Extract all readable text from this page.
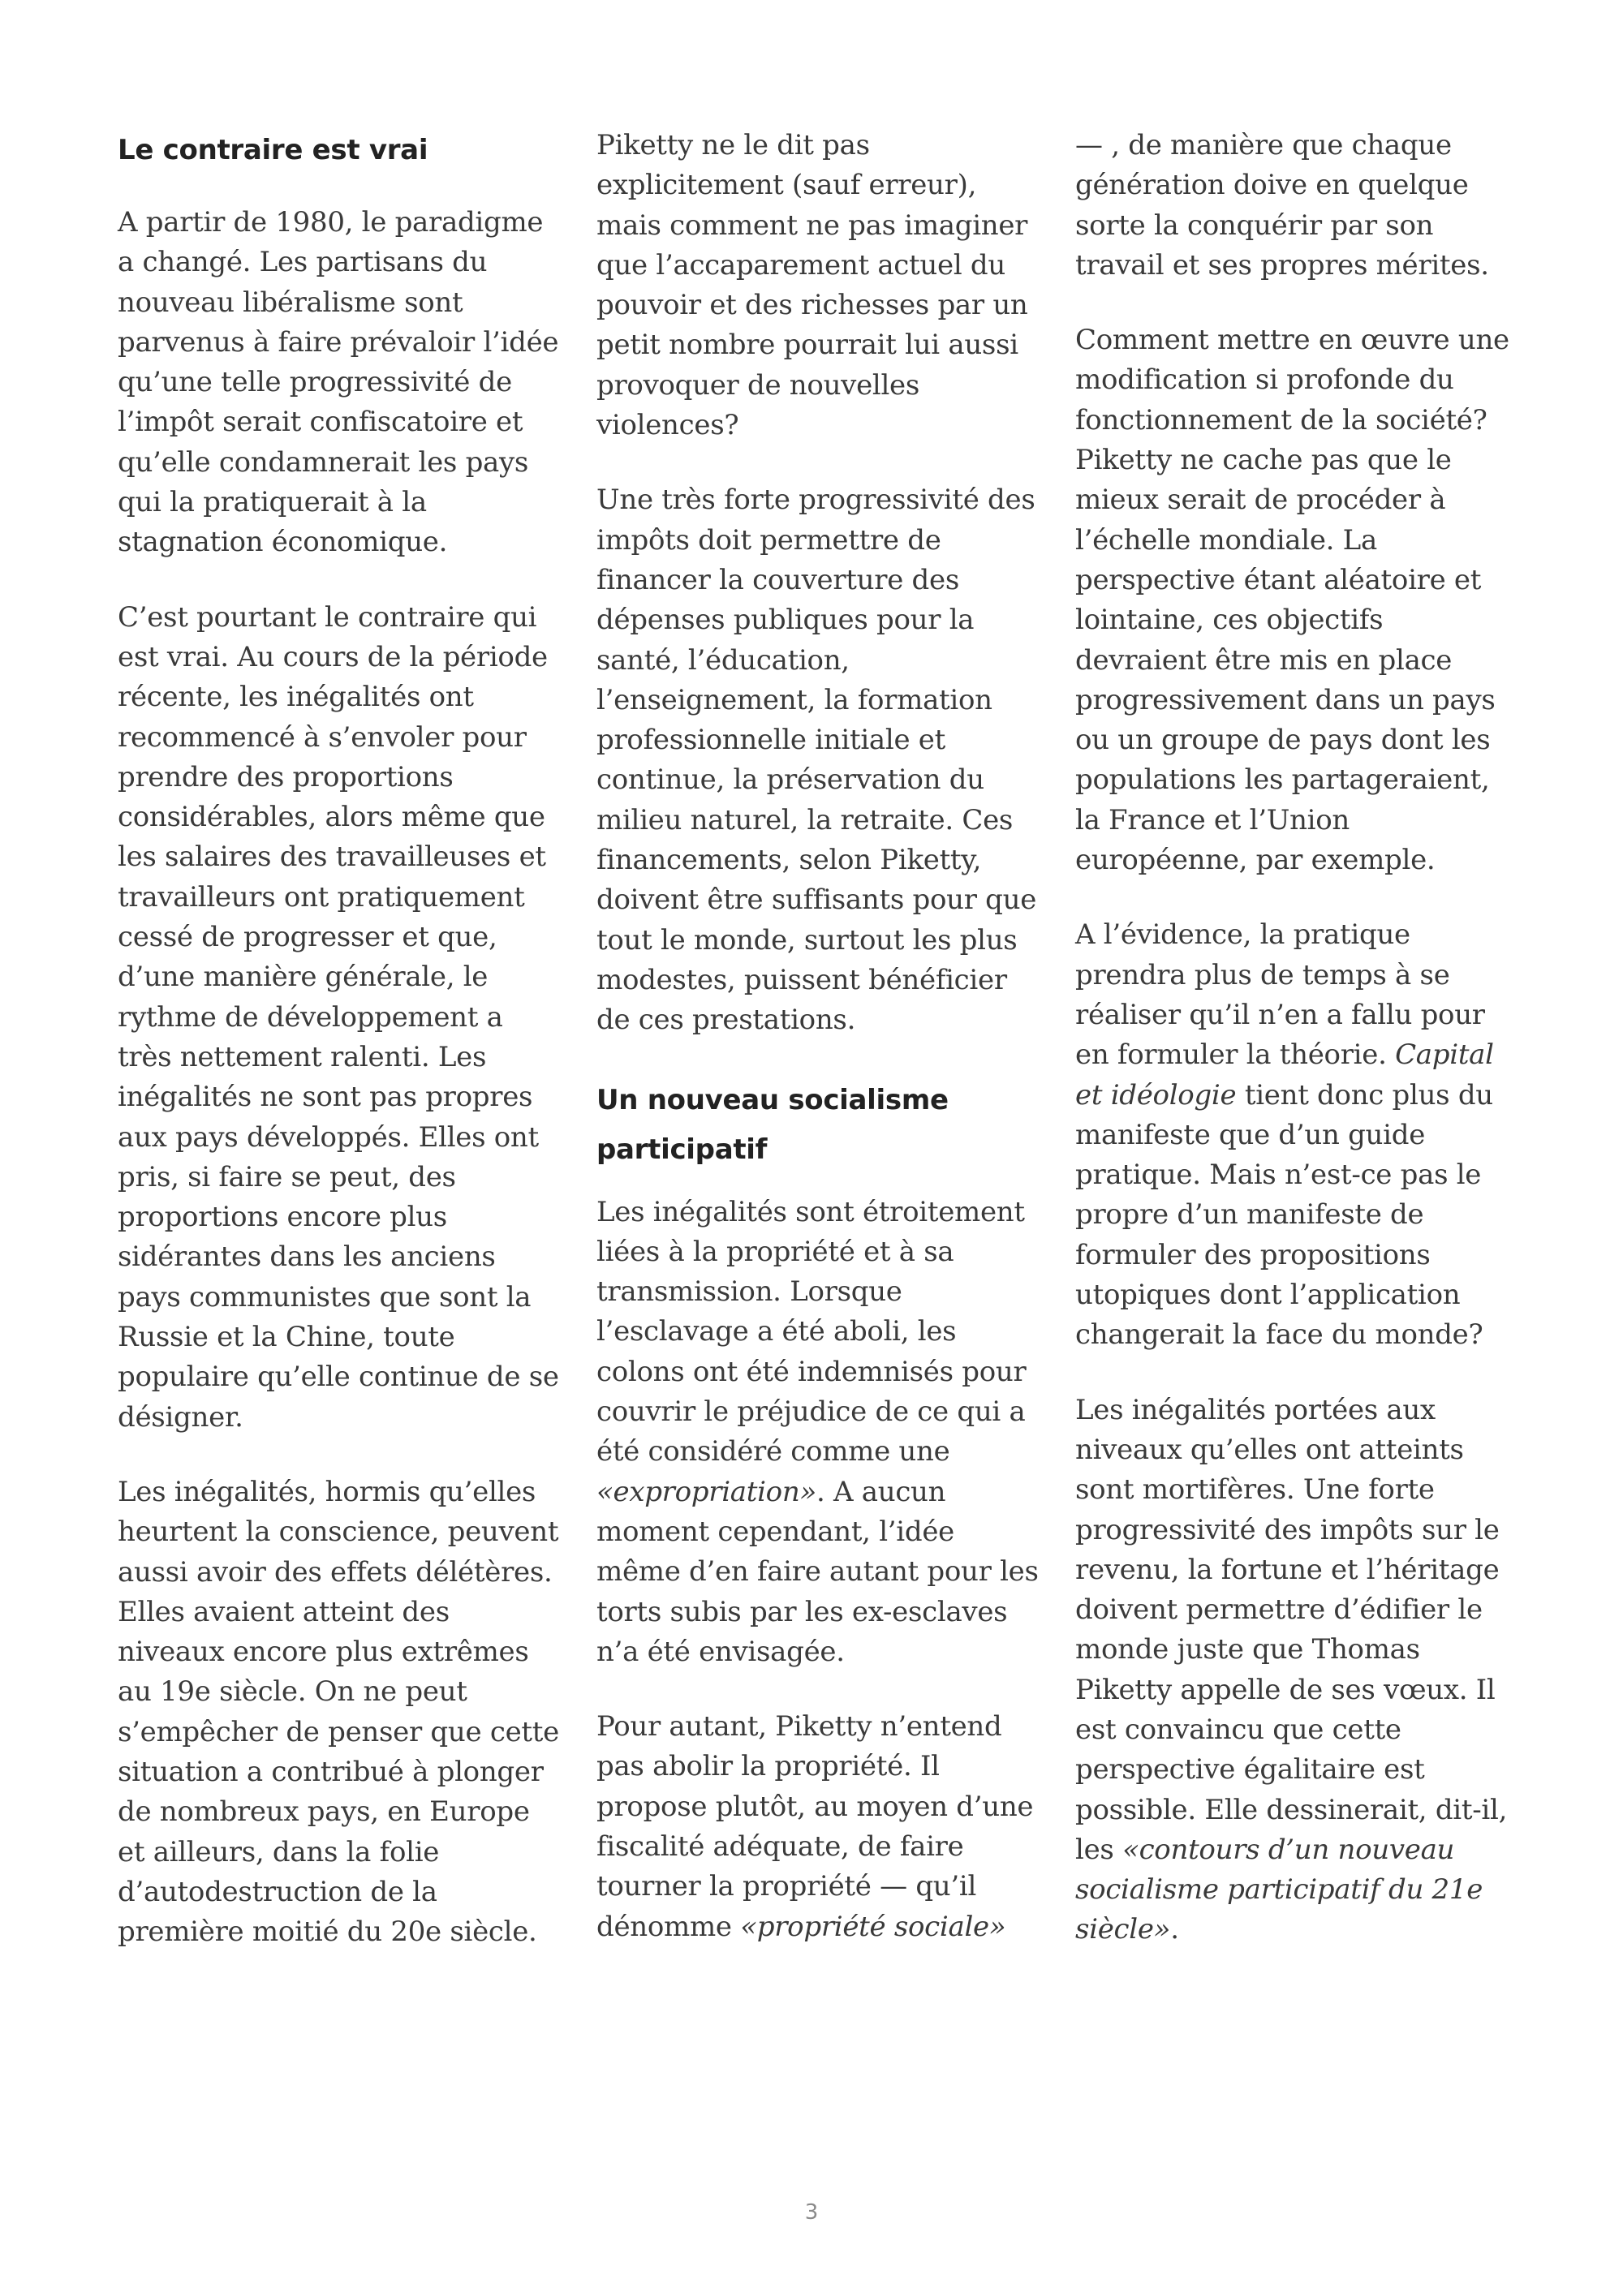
Le contraire est vrai

A partir de 1980, le paradigme a changé. Les partisans du nouveau libéralisme sont parvenus à faire prévaloir l’idée qu’une telle progressivité de l’impôt serait confiscatoire et qu’elle condamnerait les pays qui la pratiquerait à la stagnation économique.

C’est pourtant le contraire qui est vrai. Au cours de la période récente, les inégalités ont recommencé à s’envoler pour prendre des proportions considérables, alors même que les salaires des travailleuses et travailleurs ont pratiquement cessé de progresser et que, d’une manière générale, le rythme de développement a très nettement ralenti. Les inégalités ne sont pas propres aux pays développés. Elles ont pris, si faire se peut, des proportions encore plus sidérantes dans les anciens pays communistes que sont la Russie et la Chine, toute populaire qu’elle continue de se désigner.

Les inégalités, hormis qu’elles heurtent la conscience, peuvent aussi avoir des effets délétères. Elles avaient atteint des niveaux encore plus extrêmes au 19e siècle. On ne peut s’empêcher de penser que cette situation a contribué à plonger de nombreux pays, en Europe et ailleurs, dans la folie d’autodestruction de la première moitié du 20e siècle.

Piketty ne le dit pas explicitement (sauf erreur), mais comment ne pas imaginer que l’accaparement actuel du pouvoir et des richesses par un petit nombre pourrait lui aussi provoquer de nouvelles violences?

Une très forte progressivité des impôts doit permettre de financer la couverture des dépenses publiques pour la santé, l’éducation, l’enseignement, la formation professionnelle initiale et continue, la préservation du milieu naturel, la retraite. Ces financements, selon Piketty, doivent être suffisants pour que tout le monde, surtout les plus modestes, puissent bénéficier de ces prestations.

Un nouveau socialisme participatif

Les inégalités sont étroitement liées à la propriété et à sa transmission. Lorsque l’esclavage a été aboli, les colons ont été indemnisés pour couvrir le préjudice de ce qui a été considéré comme une «expropriation». A aucun moment cependant, l’idée même d’en faire autant pour les torts subis par les ex-esclaves n’a été envisagée.

Pour autant, Piketty n’entend pas abolir la propriété. Il propose plutôt, au moyen d’une fiscalité adéquate, de faire tourner la propriété — qu’il dénomme «propriété sociale»

— , de manière que chaque génération doive en quelque sorte la conquérir par son travail et ses propres mérites.

Comment mettre en œuvre une modification si profonde du fonctionnement de la société? Piketty ne cache pas que le mieux serait de procéder à l’échelle mondiale. La perspective étant aléatoire et lointaine, ces objectifs devraient être mis en place progressivement dans un pays ou un groupe de pays dont les populations les partageraient, la France et l’Union européenne, par exemple.

A l’évidence, la pratique prendra plus de temps à se réaliser qu’il n’en a fallu pour en formuler la théorie. Capital et idéologie tient donc plus du manifeste que d’un guide pratique. Mais n’est-ce pas le propre d’un manifeste de formuler des propositions utopiques dont l’application changerait la face du monde?

Les inégalités portées aux niveaux qu’elles ont atteints sont mortifères. Une forte progressivité des impôts sur le revenu, la fortune et l’héritage doivent permettre d’édifier le monde juste que Thomas Piketty appelle de ses vœux. Il est convaincu que cette perspective égalitaire est possible. Elle dessinerait, dit-il, les «contours d’un nouveau socialisme participatif du 21e siècle».

3
